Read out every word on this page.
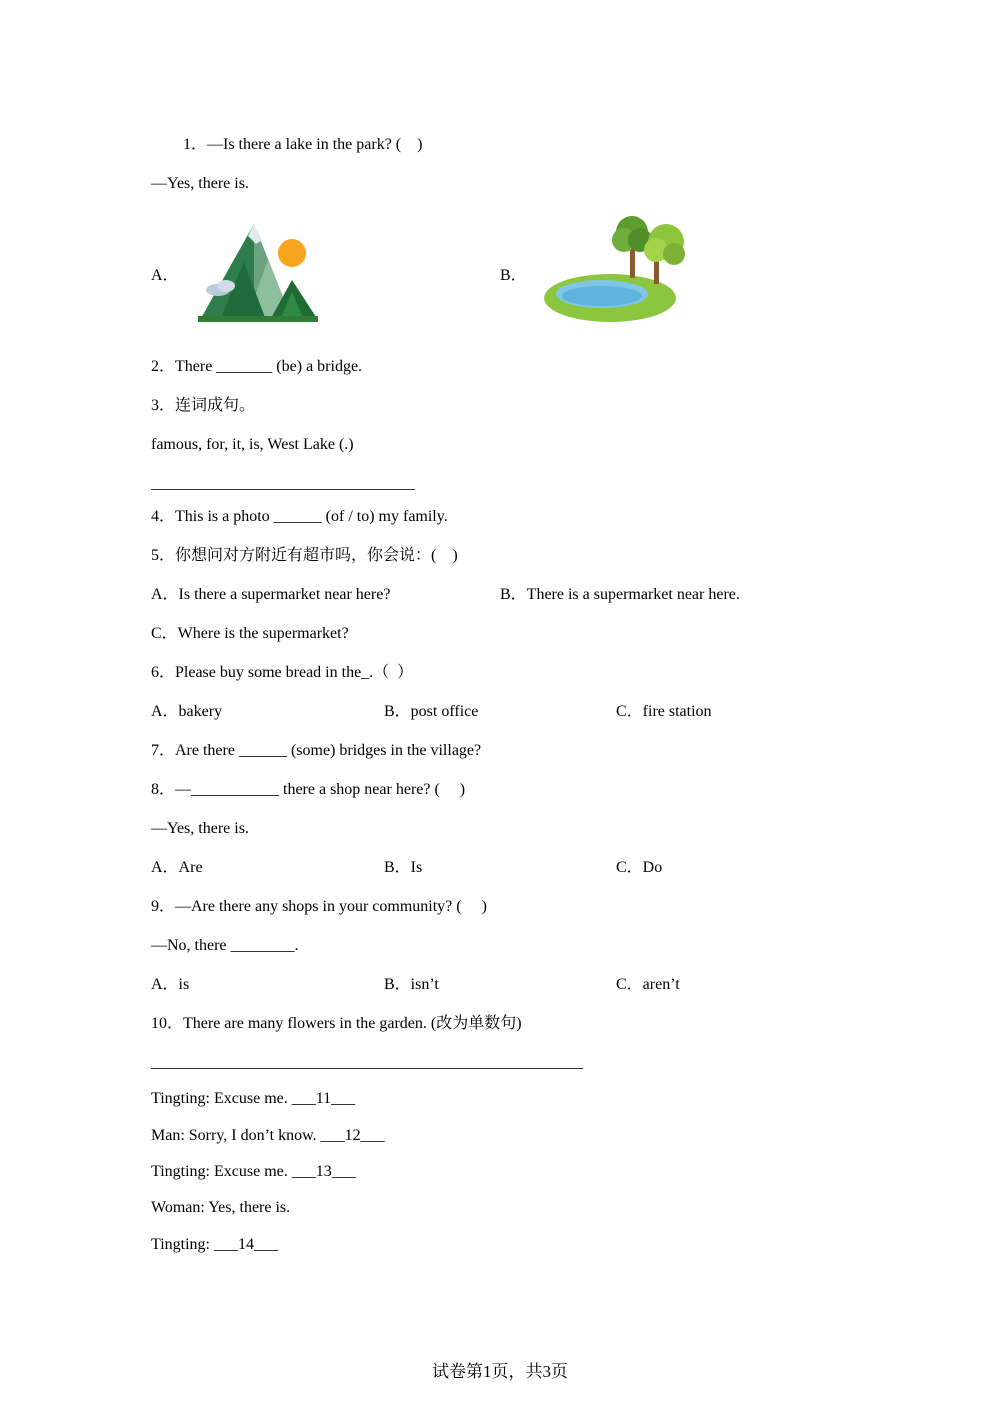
1．—Is there a lake in the park? (    )
—Yes, there is.
A．	B．
2．There _______ (be) a bridge.
3．连词成句。
famous, for, it, is, West Lake (.)
_________________________________
4．This is a photo ______ (of / to) my family.
5．你想问对方附近有超市吗，你会说：(    )
A．Is there a supermarket near here?	B．There is a supermarket near here.
C．Where is the supermarket?
6．Please buy some bread in the_.（  ）
A．bakery	B．post office	C．fire station
7．Are there ______ (some) bridges in the village?
8．—___________ there a shop near here? (     )
—Yes, there is.
A．Are	B．Is	C．Do
9．—Are there any shops in your community? (     )
—No, there ________.
A．is	B．isn’t	C．aren’t
10．There are many flowers in the garden. (改为单数句)
______________________________________________________
Tingting: Excuse me. ___11___
Man: Sorry, I don’t know. ___12___
Tingting: Excuse me. ___13___
Woman: Yes, there is.
Tingting: ___14___
试卷第1页，共3页
